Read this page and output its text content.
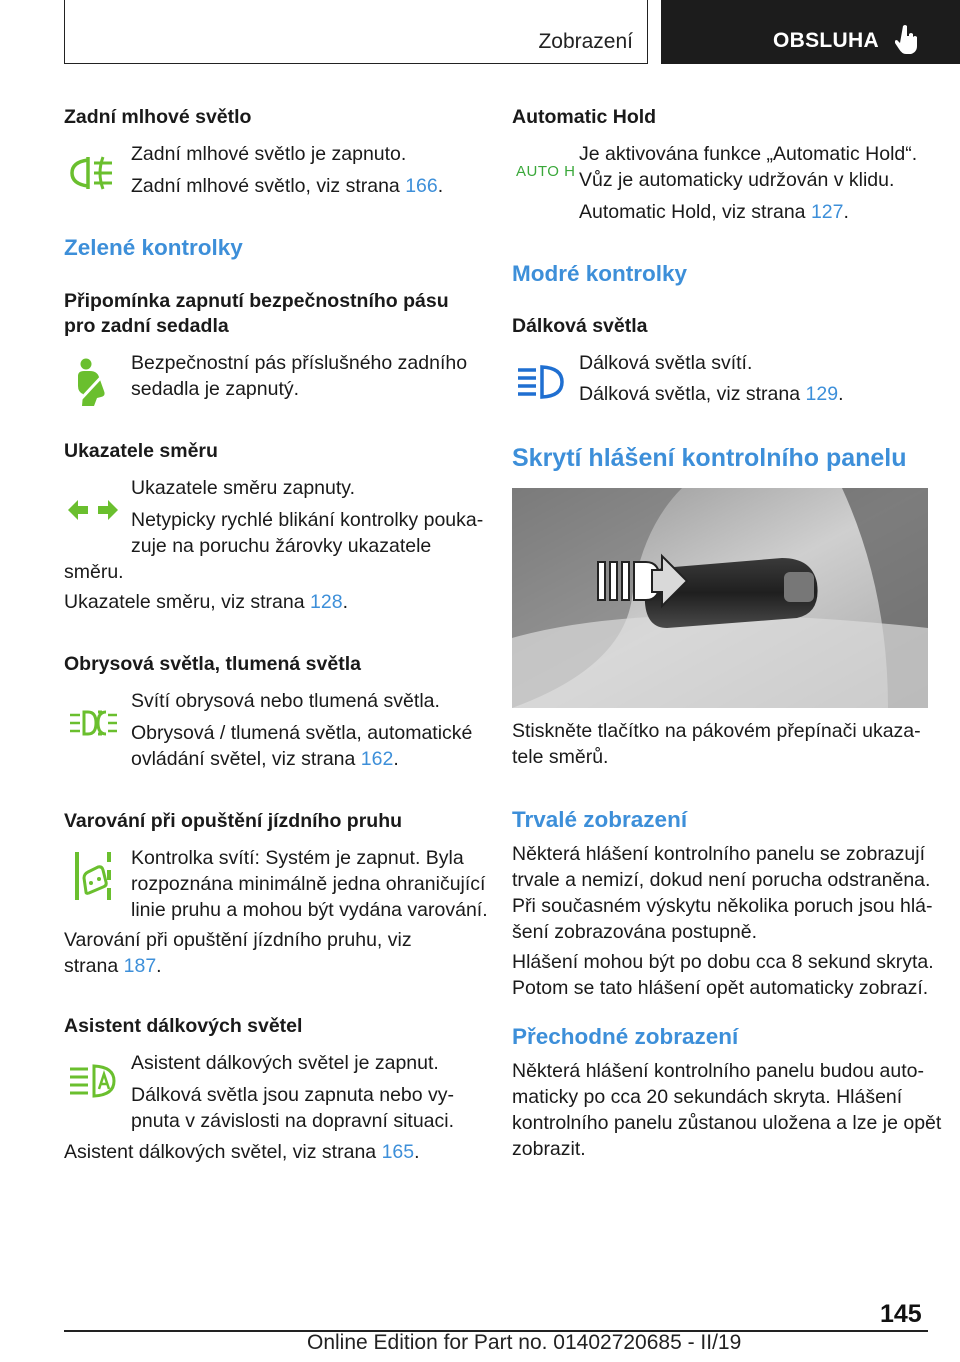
Zobrazení	OBSLUHA
Zadní mlhové světlo
Zadní mlhové světlo je zapnuto.
Zadní mlhové světlo, viz strana 166.
Zelené kontrolky
Připomínka zapnutí bezpečnostního pásu
pro zadní sedadla
Bezpečnostní pás příslušného zadního
sedadla je zapnutý.
Ukazatele směru
Ukazatele směru zapnuty.
Netypicky rychlé blikání kontrolky pouka-
zuje na poruchu žárovky ukazatele
směru.
Ukazatele směru, viz strana 128.
Obrysová světla, tlumená světla
Svítí obrysová nebo tlumená světla.
Obrysová / tlumená světla, automatické
ovládání světel, viz strana 162.
Varování při opuštění jízdního pruhu
Kontrolka svítí: Systém je zapnut. Byla
rozpoznána minimálně jedna ohraničující
linie pruhu a mohou být vydána varování.
Varování při opuštění jízdního pruhu, viz
strana 187.
Asistent dálkových světel
Asistent dálkových světel je zapnut.
Dálková světla jsou zapnuta nebo vy-
pnuta v závislosti na dopravní situaci.
Asistent dálkových světel, viz strana 165.
Automatic Hold
AUTO H
Je aktivována funkce „Automatic Hold“.
Vůz je automaticky udržován v klidu.
Automatic Hold, viz strana 127.
Modré kontrolky
Dálková světla
Dálková světla svítí.
Dálková světla, viz strana 129.
Skrytí hlášení kontrolního panelu
Stiskněte tlačítko na pákovém přepínači ukaza-
tele směrů.
Trvalé zobrazení
Některá hlášení kontrolního panelu se zobrazují
trvale a nemizí, dokud není porucha odstraněna.
Při současném výskytu několika poruch jsou hlá-
šení zobrazována postupně.
Hlášení mohou být po dobu cca 8 sekund skryta.
Potom se tato hlášení opět automaticky zobrazí.
Přechodné zobrazení
Některá hlášení kontrolního panelu budou auto-
maticky po cca 20 sekundách skryta. Hlášení
kontrolního panelu zůstanou uložena a lze je opět
zobrazit.
145
Online Edition for Part no. 01402720685 - II/19
